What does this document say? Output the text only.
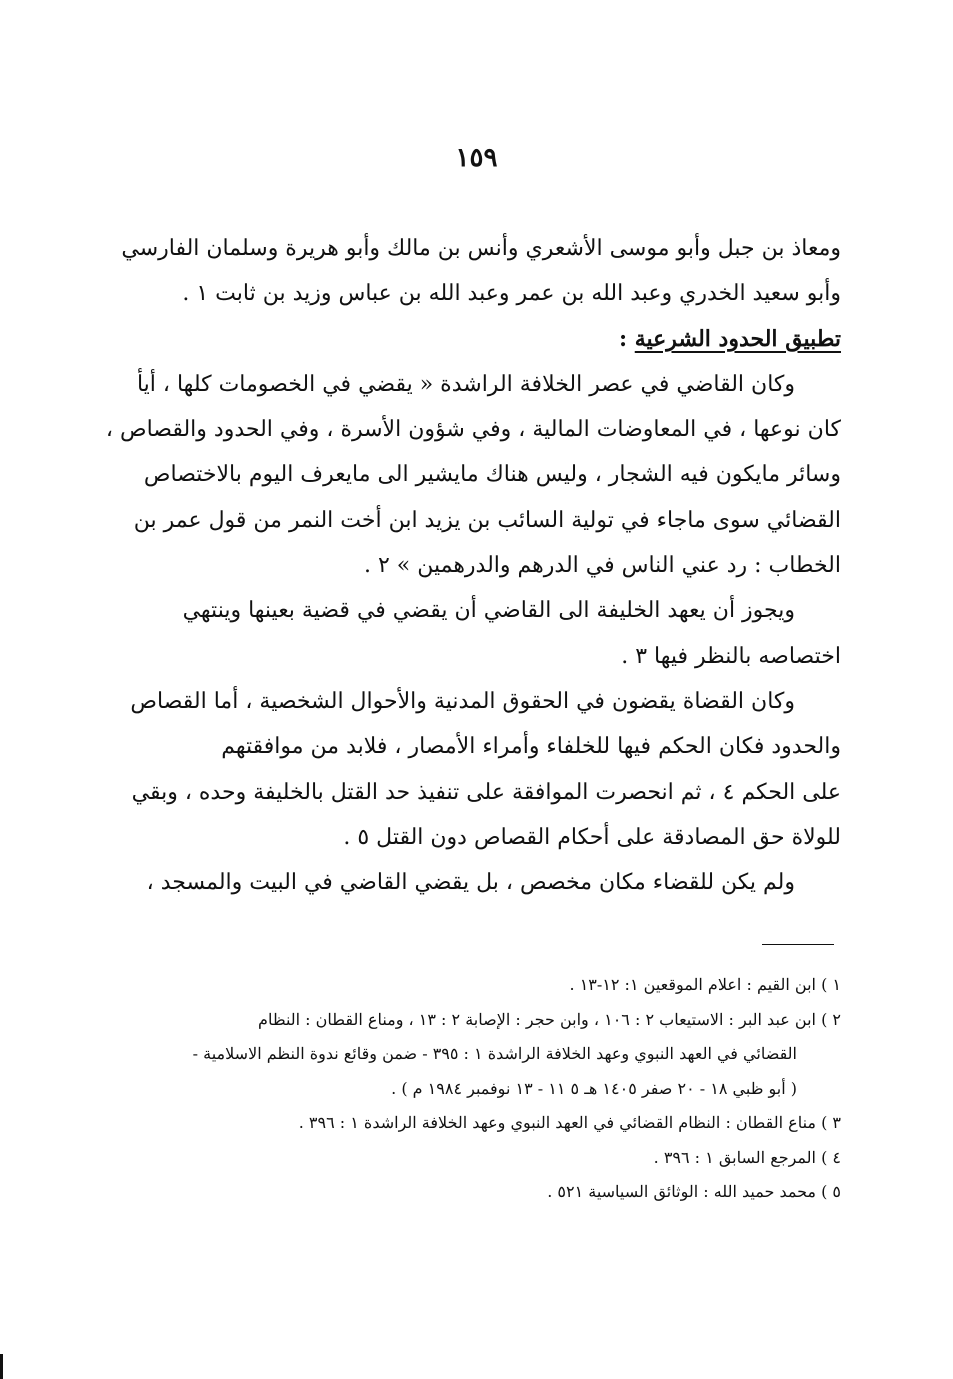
١٥٩
ومعاذ بن جبل وأبو موسى الأشعري وأنس بن مالك وأبو هريرة وسلمان الفارسي
وأبو سعيد الخدري وعبد الله بن عمر وعبد الله بن عباس وزيد بن ثابت ١ .
تطبيق الحدود الشرعية :
وكان القاضي في عصر الخلافة الراشدة « يقضي في الخصومات كلها ، أيأ
كان نوعها ، في المعاوضات المالية ، وفي شؤون الأسرة ، وفي الحدود والقصاص ،
وسائر مايكون فيه الشجار ، وليس هناك مايشير الى مايعرف اليوم بالاختصاص
القضائي سوى ماجاء في تولية السائب بن يزيد ابن أخت النمر من قول عمر بن
الخطاب : رد عني الناس في الدرهم والدرهمين » ٢ .
ويجوز أن يعهد الخليفة الى القاضي أن يقضي في قضية بعينها وينتهي
اختصاصه بالنظر فيها ٣ .
وكان القضاة يقضون في الحقوق المدنية والأحوال الشخصية ، أما القصاص
والحدود فكان الحكم فيها للخلفاء وأمراء الأمصار ، فلابد من موافقتهم
على الحكم ٤ ، ثم انحصرت الموافقة على تنفيذ حد القتل بالخليفة وحده ، وبقي
للولاة حق المصادقة على أحكام القصاص دون القتل ٥ .
ولم يكن للقضاء مكان مخصص ، بل يقضي القاضي في البيت والمسجد ،
١ ) ابن القيم : اعلام الموقعين ١: ١٢-١٣ .
٢ ) ابن عبد البر : الاستيعاب ٢ : ١٠٦ ، وابن حجر : الإصابة ٢ : ١٣ ، ومناع القطان : النظام
القضائي في العهد النبوي وعهد الخلافة الراشدة ١ : ٣٩٥ - ضمن وقائع ندوة النظم الاسلامية -
( أبو ظبي ١٨ - ٢٠ صفر ١٤٠٥ هـ ٥ ١١ - ١٣ نوفمبر ١٩٨٤ م ) .
٣ ) مناع القطان : النظام القضائي في العهد النبوي وعهد الخلافة الراشدة ١ : ٣٩٦ .
٤ ) المرجع السابق ١ : ٣٩٦ .
٥ ) محمد حميد الله : الوثائق السياسية ٥٢١ .
